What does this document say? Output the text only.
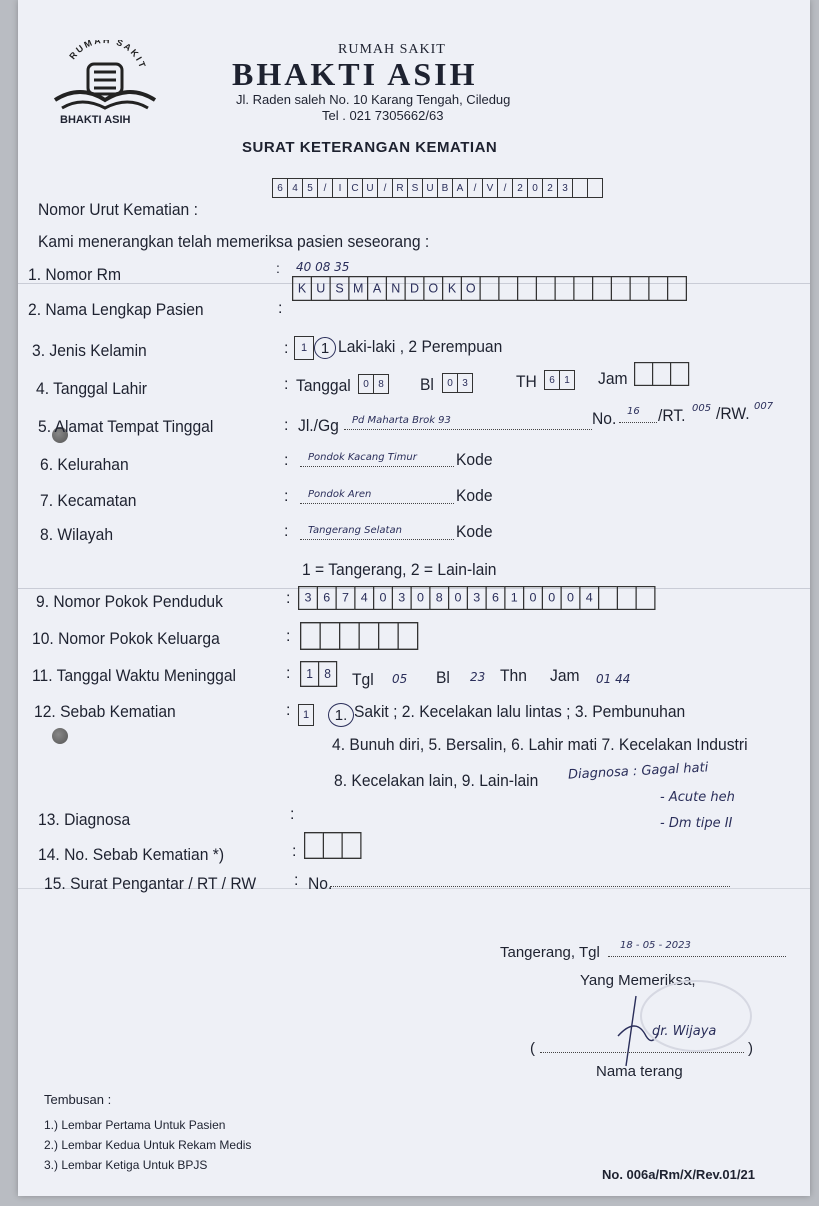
RUMAH SAKIT
BHAKTI ASIH
RUMAH SAKIT
BHAKTI ASIH
Jl. Raden saleh No. 10 Karang Tengah, Ciledug
Tel . 021 7305662/63
SURAT KETERANGAN KEMATIAN
Nomor Urut Kematian :
6 4 5	/	I C U	/ R S U B A	/	V	/	2 0 2 3
Kami menerangkan telah memeriksa pasien seseorang :
1. Nomor Rm	: 40 08 35
2. Nama Lengkap Pasien	:
K	U	S M A	N D O K O
3. Jenis Kelamin	:	1 1 Laki-laki , 2 Perempuan
4. Tanggal Lahir	: Tanggal	0 8	Bl	0 3	TH	6 1	Jam
5. Alamat Tempat Tinggal	: Jl./Gg Pd Maharta Brok 93	No. 16 /RT. 005 /RW. 007
6. Kelurahan	: Pondok Kacang Timur Kode
7. Kecamatan	: Pondok Aren	Kode
8. Wilayah	: Tangerang Selatan	Kode
1 = Tangerang, 2 = Lain-lain
9. Nomor Pokok Penduduk	:	3	6	7	4	0	3	0	8	0	3	6	1	0	0	0	4
10. Nomor Pokok Keluarga	:
11. Tanggal Waktu Meninggal	:	1	8	Tgl 05 Bl 23 Thn Jam 01 44
12. Sebab Kematian	:	1	1. Sakit ; 2. Kecelakan lalu lintas ; 3. Pembunuhan
4. Bunuh diri, 5. Bersalin, 6. Lahir mati 7. Kecelakan Industri
8. Kecelakan lain, 9. Lain-lain Diagnosa : Gagal hati
- Acute heh
- Dm tipe II
13. Diagnosa	:
14. No. Sebab Kematian *)	:
15. Surat Pengantar / RT / RW : No.
Tangerang, Tgl 18 - 05 - 2023
Yang Memeriksa,
dr. Wijaya
(	)
Nama terang
Tembusan :
1.) Lembar Pertama Untuk Pasien
2.) Lembar Kedua Untuk Rekam Medis
3.) Lembar Ketiga Untuk BPJS
No. 006a/Rm/X/Rev.01/21
